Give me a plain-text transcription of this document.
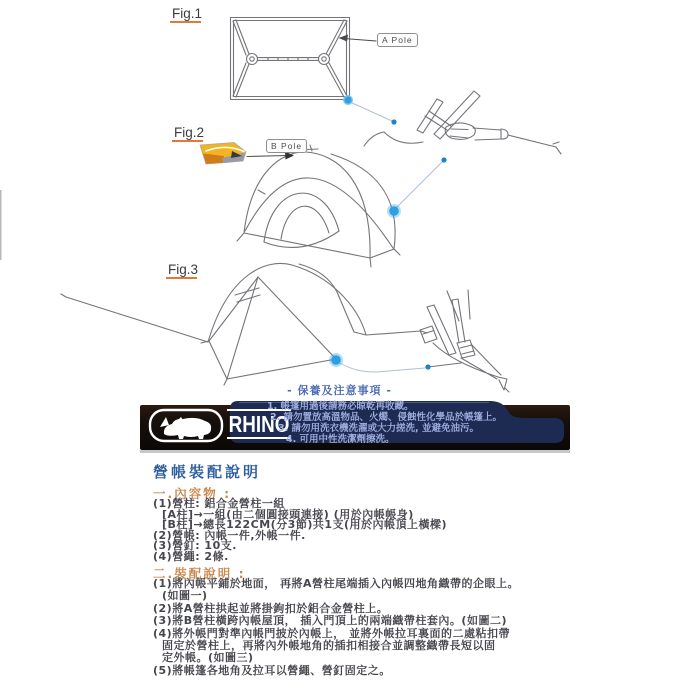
Fig.1
Fig.2
Fig.3
A Pole
B Pole
- 保養及注意事項 -
RHINO
1. 帳篷用過後請務必晾乾再收藏。
2. 請勿置放高溫物品、火燭、侵蝕性化學品於帳篷上。
3. 請勿用洗衣機洗濯或大力搓洗, 並避免油污。
4. 可用中性洗潔劑擦洗。
營帳裝配說明
一.內容物 :
(1)營柱: 鋁合金營柱一組
[A柱]→一組(由二個圓接頭連接) (用於內帳帳身)
[B柱]→總長122CM(分3節)共1支(用於內帳頂上橫樑)
(2)營帳: 內帳一件,外帳一件.
(3)營釘: 10支.
(4)營繩: 2條.
二.裝配說明 :
(1)將內帳平鋪於地面， 再將A營柱尾端插入內帳四地角織帶的企眼上。
(如圖一)
(2)將A營柱拱起並將掛鉤扣於鋁合金營柱上。
(3)將B營柱橫跨內帳屋頂， 插入門頂上的兩端織帶柱套內。(如圖二)
(4)將外帳門對準內帳門披於內帳上， 並將外帳拉耳裏面的二處粘扣帶
固定於營柱上，再將內外帳地角的插扣相接合並調整織帶長短以固
定外帳。(如圖三)
(5)將帳篷各地角及拉耳以營繩、營釘固定之。
